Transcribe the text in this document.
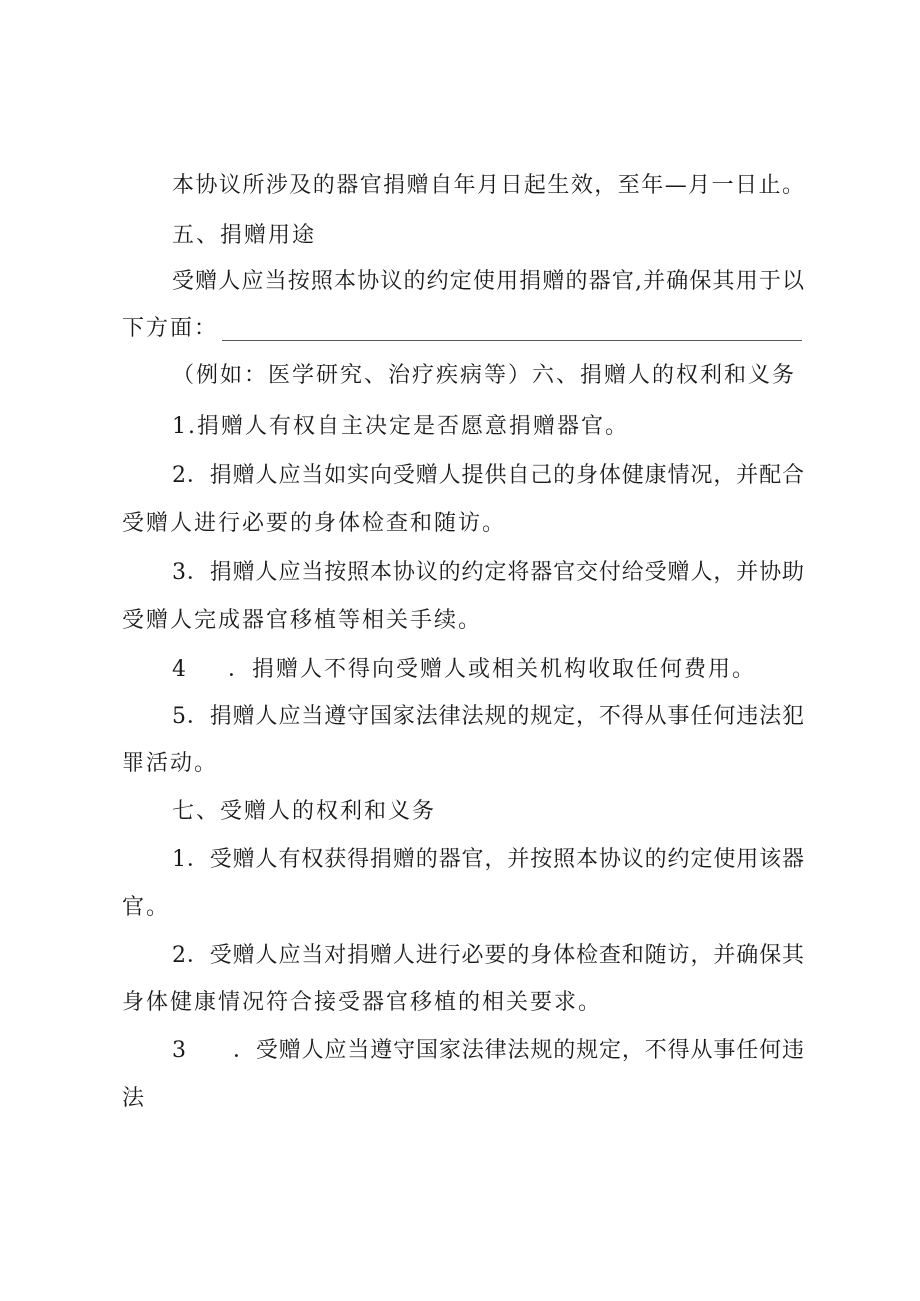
本协议所涉及的器官捐赠自年月日起生效，至年—月一日止。
五、捐赠用途
受赠人应当按照本协议的约定使用捐赠的器官,并确保其用于以
下方面：
（例如：医学研究、治疗疾病等）六、捐赠人的权利和义务
1.捐赠人有权自主决定是否愿意捐赠器官。
2．捐赠人应当如实向受赠人提供自己的身体健康情况，并配合
受赠人进行必要的身体检查和随访。
3．捐赠人应当按照本协议的约定将器官交付给受赠人，并协助
受赠人完成器官移植等相关手续。
4 ．捐赠人不得向受赠人或相关机构收取任何费用。
5．捐赠人应当遵守国家法律法规的规定，不得从事任何违法犯
罪活动。
七、受赠人的权利和义务
1．受赠人有权获得捐赠的器官，并按照本协议的约定使用该器
官。
2．受赠人应当对捐赠人进行必要的身体检查和随访，并确保其
身体健康情况符合接受器官移植的相关要求。
3 ．受赠人应当遵守国家法律法规的规定，不得从事任何违
法
